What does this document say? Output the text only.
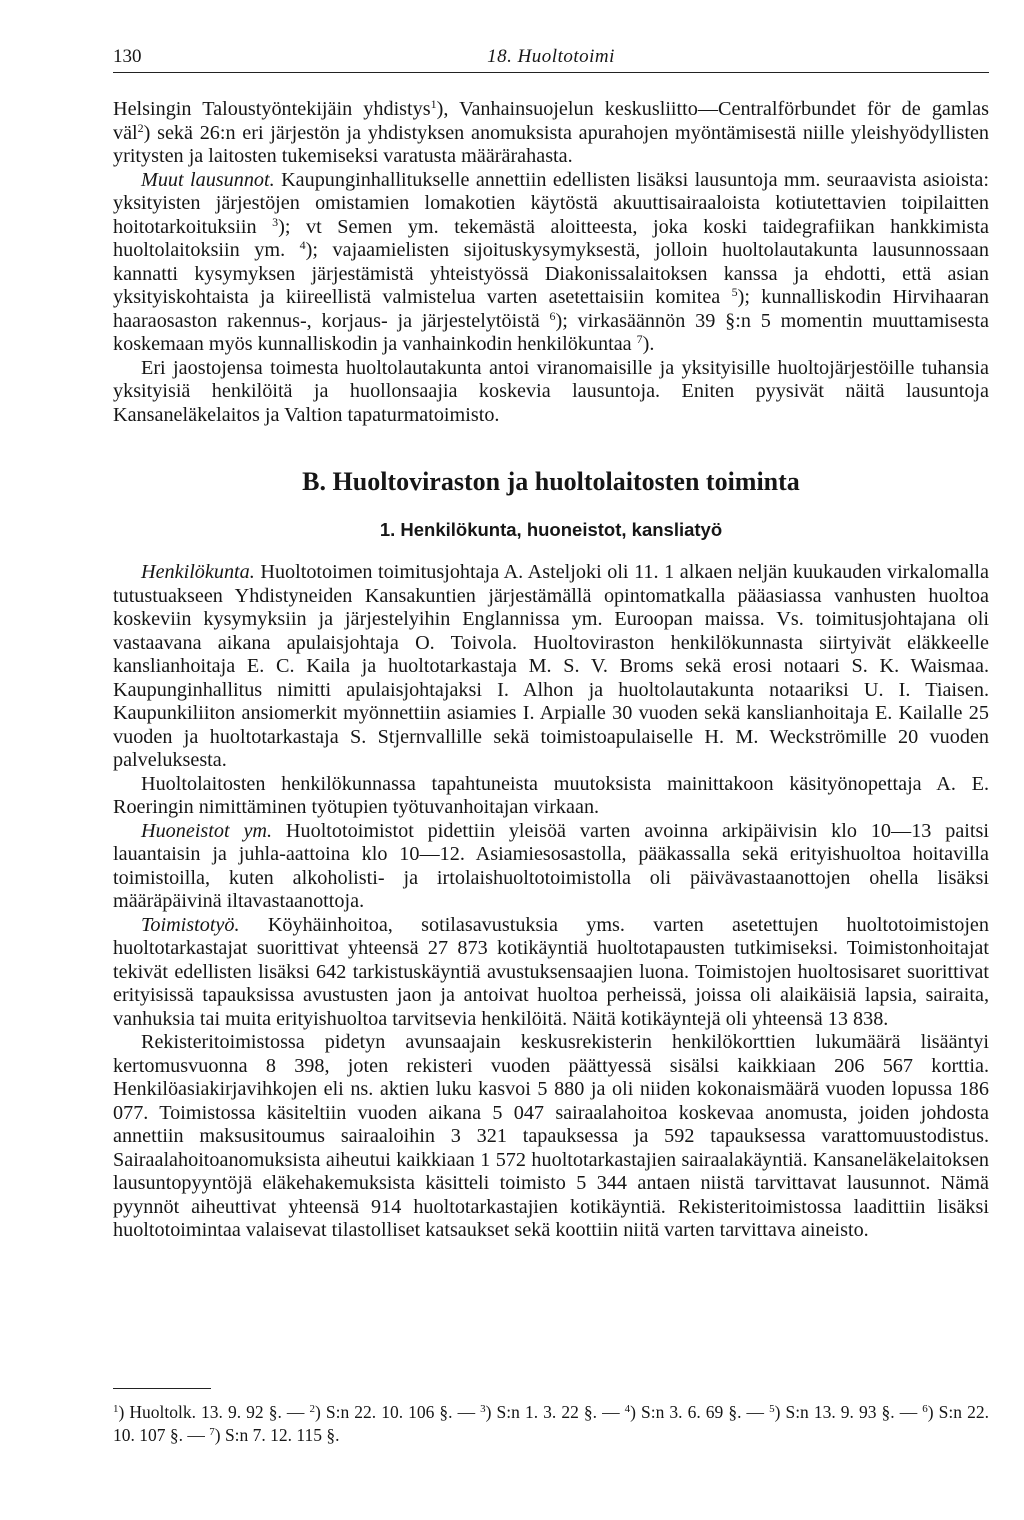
130	18. Huoltotoimi

Helsingin Taloustyöntekijäin yhdistys$^1$), Vanhainsuojelun keskusliitto—Centralförbundet för de gamlas väl$^2$) sekä 26:n eri järjestön ja yhdistyksen anomuksista apurahojen myöntämisestä niille yleishyödyllisten yritysten ja laitosten tukemiseksi varatusta määrärahasta.

Muut lausunnot. Kaupunginhallitukselle annettiin edellisten lisäksi lausuntoja mm. seuraavista asioista: yksityisten järjestöjen omistamien lomakotien käytöstä akuuttisairaaloista kotiutettavien toipilaitten hoitotarkoituksiin $^3$); vt Semen ym. tekemästä aloitteesta, joka koski taidegrafiikan hankkimista huoltolaitoksiin ym. $^4$); vajaamielisten sijoituskysymyksestä, jolloin huoltolautakunta lausunnossaan kannatti kysymyksen järjestämistä yhteistyössä Diakonissalaitoksen kanssa ja ehdotti, että asian yksityiskohtaista ja kiireellistä valmistelua varten asetettaisiin komitea $^5$); kunnalliskodin Hirvihaaran haaraosaston rakennus-, korjaus- ja järjestelytöistä $^6$); virkasäännön 39 §:n 5 momentin muuttamisesta koskemaan myös kunnalliskodin ja vanhainkodin henkilökuntaa $^7$).

Eri jaostojensa toimesta huoltolautakunta antoi viranomaisille ja yksityisille huoltojärjestöille tuhansia yksityisiä henkilöitä ja huollonsaajia koskevia lausuntoja. Eniten pyysivät näitä lausuntoja Kansaneläkelaitos ja Valtion tapaturmatoimisto.

B. Huoltoviraston ja huoltolaitosten toiminta
1. Henkilökunta, huoneistot, kansliatyö

Henkilökunta. Huoltotoimen toimitusjohtaja A. Asteljoki oli 11. 1 alkaen neljän kuukauden virkalomalla tutustuakseen Yhdistyneiden Kansakuntien järjestämällä opintomatkalla pääasiassa vanhusten huoltoa koskeviin kysymyksiin ja järjestelyihin Englannissa ym. Euroopan maissa. Vs. toimitusjohtajana oli vastaavana aikana apulaisjohtaja O. Toivola. Huoltoviraston henkilökunnasta siirtyivät eläkkeelle kanslianhoitaja E. C. Kaila ja huoltotarkastaja M. S. V. Broms sekä erosi notaari S. K. Waismaa. Kaupunginhallitus nimitti apulaisjohtajaksi I. Alhon ja huoltolautakunta notaariksi U. I. Tiaisen. Kaupunkiliiton ansiomerkit myönnettiin asiamies I. Arpialle 30 vuoden sekä kanslianhoitaja E. Kailalle 25 vuoden ja huoltotarkastaja S. Stjernvallille sekä toimistoapulaiselle H. M. Weckströmille 20 vuoden palveluksesta.

Huoltolaitosten henkilökunnassa tapahtuneista muutoksista mainittakoon käsityönopettaja A. E. Roeringin nimittäminen työtupien työtuvanhoitajan virkaan.

Huoneistot ym. Huoltotoimistot pidettiin yleisöä varten avoinna arkipäivisin klo 10—13 paitsi lauantaisin ja juhla-aattoina klo 10—12. Asiamiesosastolla, pääkassalla sekä erityishuoltoa hoitavilla toimistoilla, kuten alkoholisti- ja irtolaishuoltotoimistolla oli päivävastaanottojen ohella lisäksi määräpäivinä iltavastaanottoja.

Toimistotyö. Köyhäinhoitoa, sotilasavustuksia yms. varten asetettujen huoltotoimistojen huoltotarkastajat suorittivat yhteensä 27 873 kotikäyntiä huoltotapausten tutkimiseksi. Toimistonhoitajat tekivät edellisten lisäksi 642 tarkistuskäyntiä avustuksensaajien luona. Toimistojen huoltosisaret suorittivat erityisissä tapauksissa avustusten jaon ja antoivat huoltoa perheissä, joissa oli alaikäisiä lapsia, sairaita, vanhuksia tai muita erityishuoltoa tarvitsevia henkilöitä. Näitä kotikäyntejä oli yhteensä 13 838.

Rekisteritoimistossa pidetyn avunsaajain keskusrekisterin henkilökorttien lukumäärä lisääntyi kertomusvuonna 8 398, joten rekisteri vuoden päättyessä sisälsi kaikkiaan 206 567 korttia. Henkilöasiakirjavihkojen eli ns. aktien luku kasvoi 5 880 ja oli niiden kokonaismäärä vuoden lopussa 186 077. Toimistossa käsiteltiin vuoden aikana 5 047 sairaalahoitoa koskevaa anomusta, joiden johdosta annettiin maksusitoumus sairaaloihin 3 321 tapauksessa ja 592 tapauksessa varattomuustodistus. Sairaalahoitoanomuksista aiheutui kaikkiaan 1 572 huoltotarkastajien sairaalakäyntiä. Kansaneläkelaitoksen lausuntopyyntöjä eläkehakemuksista käsitteli toimisto 5 344 antaen niistä tarvittavat lausunnot. Nämä pyynnöt aiheuttivat yhteensä 914 huoltotarkastajien kotikäyntiä. Rekisteritoimistossa laadittiin lisäksi huoltotoimintaa valaisevat tilastolliset katsaukset sekä koottiin niitä varten tarvittava aineisto.

$^1$) Huoltolk. 13. 9. 92 §. — $^2$) S:n 22. 10. 106 §. — $^3$) S:n 1. 3. 22 §. — $^4$) S:n 3. 6. 69 §. — $^5$) S:n 13. 9. 93 §. — $^6$) S:n 22. 10. 107 §. — $^7$) S:n 7. 12. 115 §.
